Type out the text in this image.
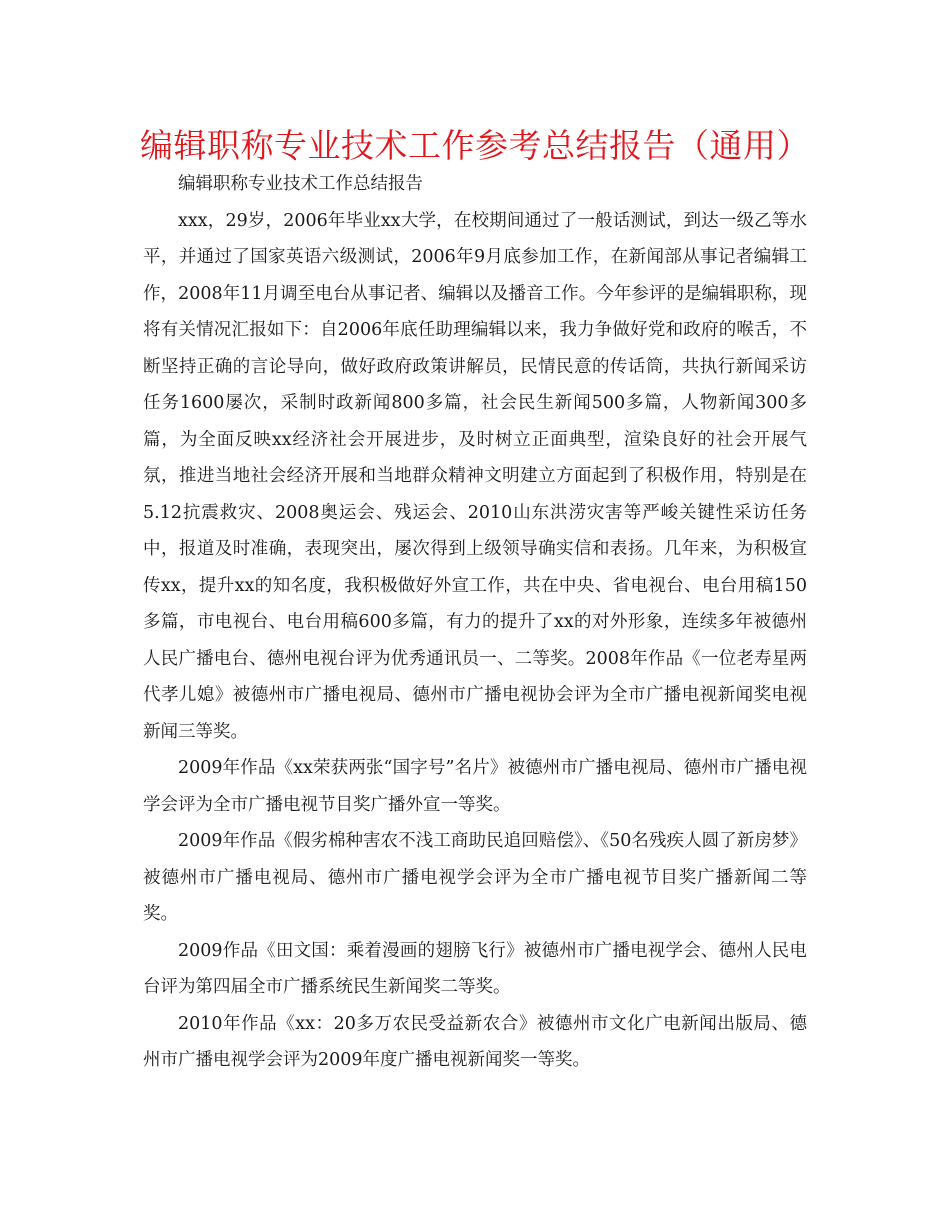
编辑职称专业技术工作参考总结报告（通用）

编辑职称专业技术工作总结报告

xxx，29岁，2006年毕业xx大学，在校期间通过了一般话测试，到达一级乙等水平，并通过了国家英语六级测试，2006年9月底参加工作，在新闻部从事记者编辑工作，2008年11月调至电台从事记者、编辑以及播音工作。今年参评的是编辑职称，现将有关情况汇报如下：自2006年底任助理编辑以来，我力争做好党和政府的喉舌，不断坚持正确的言论导向，做好政府政策讲解员，民情民意的传话筒，共执行新闻采访任务1600屡次，采制时政新闻800多篇，社会民生新闻500多篇，人物新闻300多篇，为全面反映xx经济社会开展进步，及时树立正面典型，渲染良好的社会开展气氛，推进当地社会经济开展和当地群众精神文明建立方面起到了积极作用，特别是在5.12抗震救灾、2008奥运会、残运会、2010山东洪涝灾害等严峻关键性采访任务中，报道及时准确，表现突出，屡次得到上级领导确实信和表扬。几年来，为积极宣传xx，提升xx的知名度，我积极做好外宣工作，共在中央、省电视台、电台用稿150多篇，市电视台、电台用稿600多篇，有力的提升了xx的对外形象，连续多年被德州人民广播电台、德州电视台评为优秀通讯员一、二等奖。2008年作品《一位老寿星两代孝儿媳》被德州市广播电视局、德州市广播电视协会评为全市广播电视新闻奖电视新闻三等奖。

2009年作品《xx荣获两张“国字号”名片》被德州市广播电视局、德州市广播电视学会评为全市广播电视节目奖广播外宣一等奖。

2009年作品《假劣棉种害农不浅工商助民追回赔偿》、《50名残疾人圆了新房梦》被德州市广播电视局、德州市广播电视学会评为全市广播电视节目奖广播新闻二等奖。

2009作品《田文国：乘着漫画的翅膀飞行》被德州市广播电视学会、德州人民电台评为第四届全市广播系统民生新闻奖二等奖。

2010年作品《xx：20多万农民受益新农合》被德州市文化广电新闻出版局、德州市广播电视学会评为2009年度广播电视新闻奖一等奖。
